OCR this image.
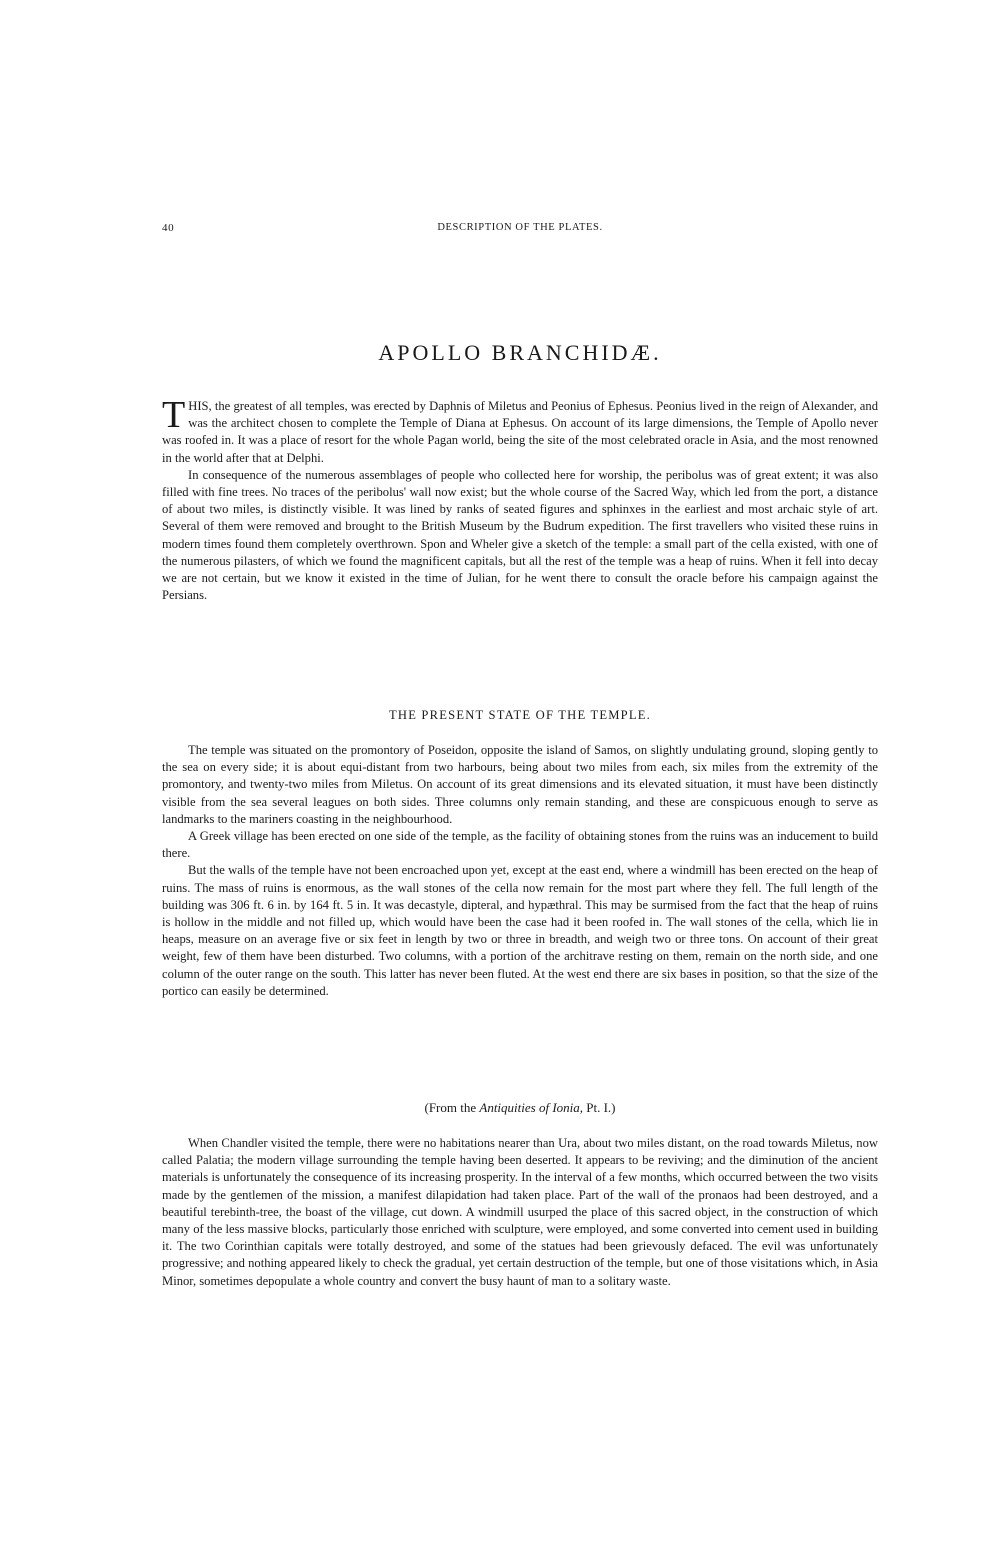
40	DESCRIPTION OF THE PLATES.
APOLLO BRANCHIDÆ.

THIS, the greatest of all temples, was erected by Daphnis of Miletus and Peonius of Ephesus. Peonius lived in the reign of Alexander, and was the architect chosen to complete the Temple of Diana at Ephesus. On account of its large dimensions, the Temple of Apollo never was roofed in. It was a place of resort for the whole Pagan world, being the site of the most celebrated oracle in Asia, and the most renowned in the world after that at Delphi.

In consequence of the numerous assemblages of people who collected here for worship, the peribolus was of great extent; it was also filled with fine trees. No traces of the peribolus' wall now exist; but the whole course of the Sacred Way, which led from the port, a distance of about two miles, is distinctly visible. It was lined by ranks of seated figures and sphinxes in the earliest and most archaic style of art. Several of them were removed and brought to the British Museum by the Budrum expedition. The first travellers who visited these ruins in modern times found them completely overthrown. Spon and Wheler give a sketch of the temple: a small part of the cella existed, with one of the numerous pilasters, of which we found the magnificent capitals, but all the rest of the temple was a heap of ruins. When it fell into decay we are not certain, but we know it existed in the time of Julian, for he went there to consult the oracle before his campaign against the Persians.

THE PRESENT STATE OF THE TEMPLE.

The temple was situated on the promontory of Poseidon, opposite the island of Samos, on slightly undulating ground, sloping gently to the sea on every side; it is about equi-distant from two harbours, being about two miles from each, six miles from the extremity of the promontory, and twenty-two miles from Miletus. On account of its great dimensions and its elevated situation, it must have been distinctly visible from the sea several leagues on both sides. Three columns only remain standing, and these are conspicuous enough to serve as landmarks to the mariners coasting in the neighbourhood.

A Greek village has been erected on one side of the temple, as the facility of obtaining stones from the ruins was an inducement to build there.

But the walls of the temple have not been encroached upon yet, except at the east end, where a windmill has been erected on the heap of ruins. The mass of ruins is enormous, as the wall stones of the cella now remain for the most part where they fell. The full length of the building was 306 ft. 6 in. by 164 ft. 5 in. It was decastyle, dipteral, and hypæthral. This may be surmised from the fact that the heap of ruins is hollow in the middle and not filled up, which would have been the case had it been roofed in. The wall stones of the cella, which lie in heaps, measure on an average five or six feet in length by two or three in breadth, and weigh two or three tons. On account of their great weight, few of them have been disturbed. Two columns, with a portion of the architrave resting on them, remain on the north side, and one column of the outer range on the south. This latter has never been fluted. At the west end there are six bases in position, so that the size of the portico can easily be determined.

(From the Antiquities of Ionia, Pt. I.)

When Chandler visited the temple, there were no habitations nearer than Ura, about two miles distant, on the road towards Miletus, now called Palatia; the modern village surrounding the temple having been deserted. It appears to be reviving; and the diminution of the ancient materials is unfortunately the consequence of its increasing prosperity. In the interval of a few months, which occurred between the two visits made by the gentlemen of the mission, a manifest dilapidation had taken place. Part of the wall of the pronaos had been destroyed, and a beautiful terebinth-tree, the boast of the village, cut down. A windmill usurped the place of this sacred object, in the construction of which many of the less massive blocks, particularly those enriched with sculpture, were employed, and some converted into cement used in building it. The two Corinthian capitals were totally destroyed, and some of the statues had been grievously defaced. The evil was unfortunately progressive; and nothing appeared likely to check the gradual, yet certain destruction of the temple, but one of those visitations which, in Asia Minor, sometimes depopulate a whole country and convert the busy haunt of man to a solitary waste.
